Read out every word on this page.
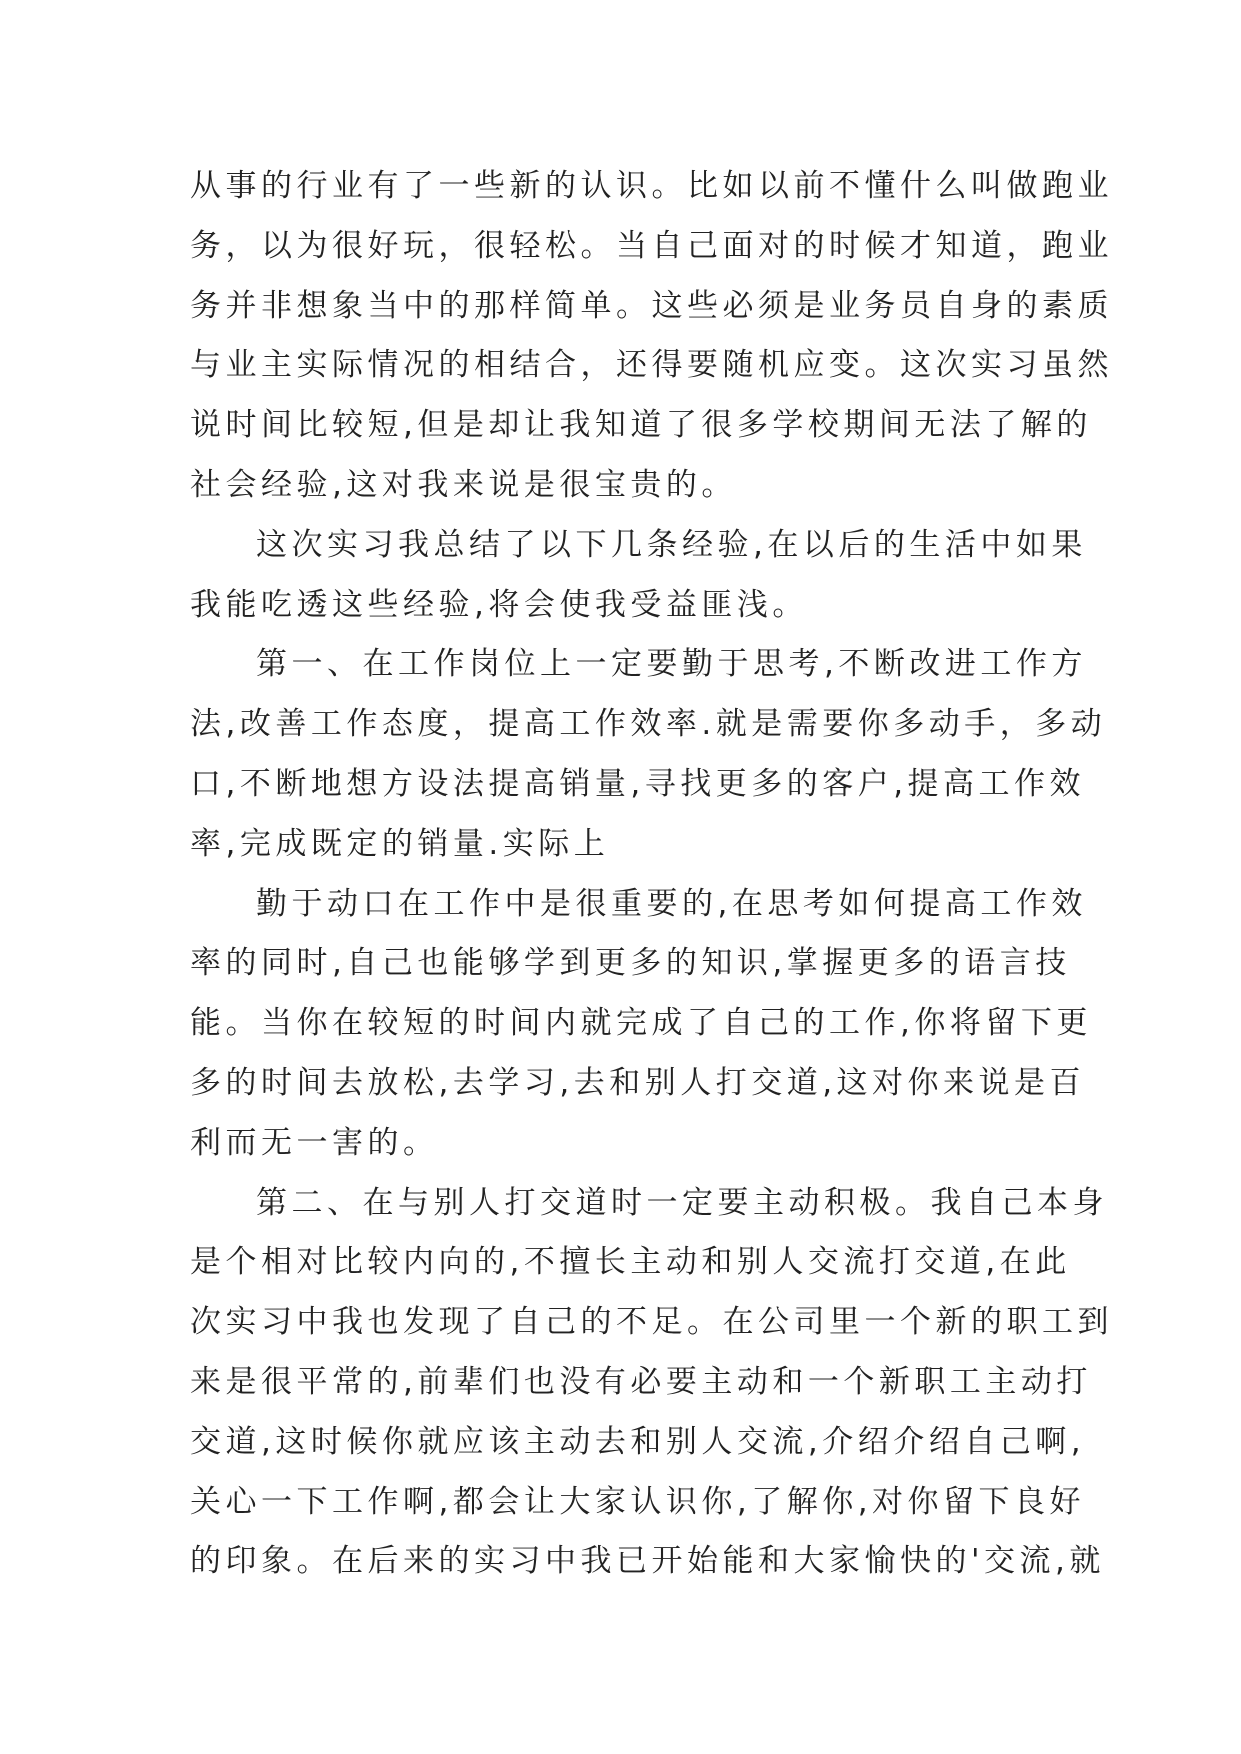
从事的行业有了一些新的认识。比如以前不懂什么叫做跑业
务，以为很好玩，很轻松。当自己面对的时候才知道，跑业
务并非想象当中的那样简单。这些必须是业务员自身的素质
与业主实际情况的相结合，还得要随机应变。这次实习虽然
说时间比较短,但是却让我知道了很多学校期间无法了解的
社会经验,这对我来说是很宝贵的。

这次实习我总结了以下几条经验,在以后的生活中如果
我能吃透这些经验,将会使我受益匪浅。

第一、在工作岗位上一定要勤于思考,不断改进工作方
法,改善工作态度，提高工作效率.就是需要你多动手，多动
口,不断地想方设法提高销量,寻找更多的客户,提高工作效
率,完成既定的销量.实际上

勤于动口在工作中是很重要的,在思考如何提高工作效
率的同时,自己也能够学到更多的知识,掌握更多的语言技
能。当你在较短的时间内就完成了自己的工作,你将留下更
多的时间去放松,去学习,去和别人打交道,这对你来说是百
利而无一害的。

第二、在与别人打交道时一定要主动积极。我自己本身
是个相对比较内向的,不擅长主动和别人交流打交道,在此
次实习中我也发现了自己的不足。在公司里一个新的职工到
来是很平常的,前辈们也没有必要主动和一个新职工主动打
交道,这时候你就应该主动去和别人交流,介绍介绍自己啊,
关心一下工作啊,都会让大家认识你,了解你,对你留下良好
的印象。在后来的实习中我已开始能和大家愉快的'交流,就
